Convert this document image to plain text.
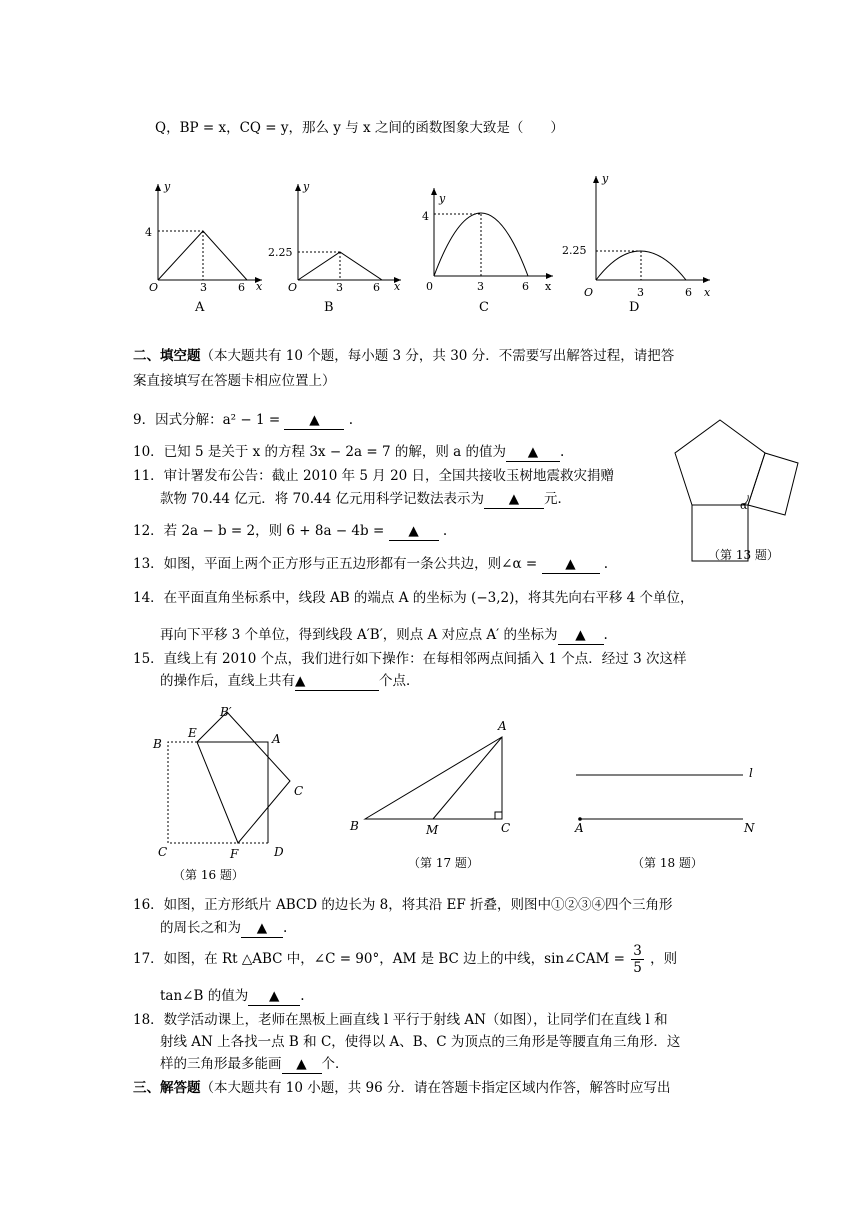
Q，BP = x，CQ = y，那么 y 与 x 之间的函数图象大致是（　　）
y
4
O	3	6 x
A
y
2.25
O	3	6 x
B
y
4
0	3	6 x
C
y
2.25
O	3	6 x
D
二、填空题（本大题共有 10 个题，每小题 3 分，共 30 分．不需要写出解答过程，请把答
案直接填写在答题卡相应位置上）
9．因式分解：a² − 1 = ▲ .
10．已知 5 是关于 x 的方程 3x − 2a = 7 的解，则 a 的值为 ▲ .
11．审计署发布公告：截止 2010 年 5 月 20 日，全国共接收玉树地震救灾捐赠
款物 70.44 亿元．将 70.44 亿元用科学记数法表示为 ▲ 元．
12．若 2a − b = 2，则 6 + 8a − 4b = ▲ .
13．如图，平面上两个正方形与正五边形都有一条公共边，则∠α = ▲ .
α
（第 13 题）
14．在平面直角坐标系中，线段 AB 的端点 A 的坐标为 (−3,2)，将其先向右平移 4 个单位，
再向下平移 3 个单位，得到线段 A′B′，则点 A 对应点 A′ 的坐标为 ▲ .
15．直线上有 2010 个点，我们进行如下操作：在每相邻两点间插入 1 个点．经过 3 次这样
的操作后，直线上共有▲	个点．
B′
E
B	A
C
C	F	D
（第 16 题）
A
B	M	C
（第 17 题）
l
A	N
（第 18 题）
16．如图，正方形纸片 ABCD 的边长为 8，将其沿 EF 折叠，则图中①②③④四个三角形
的周长之和为 ▲ .
17．如图，在 Rt △ABC 中，∠C = 90°，AM 是 BC 边上的中线，sin∠CAM = $\frac{3}{5}$ ，则
tan∠B 的值为 ▲ .
18．数学活动课上，老师在黑板上画直线 l 平行于射线 AN（如图），让同学们在直线 l 和
射线 AN 上各找一点 B 和 C，使得以 A、B、C 为顶点的三角形是等腰直角三角形．这
样的三角形最多能画 ▲ 个．
三、解答题（本大题共有 10 小题，共 96 分．请在答题卡指定区域内作答，解答时应写出
